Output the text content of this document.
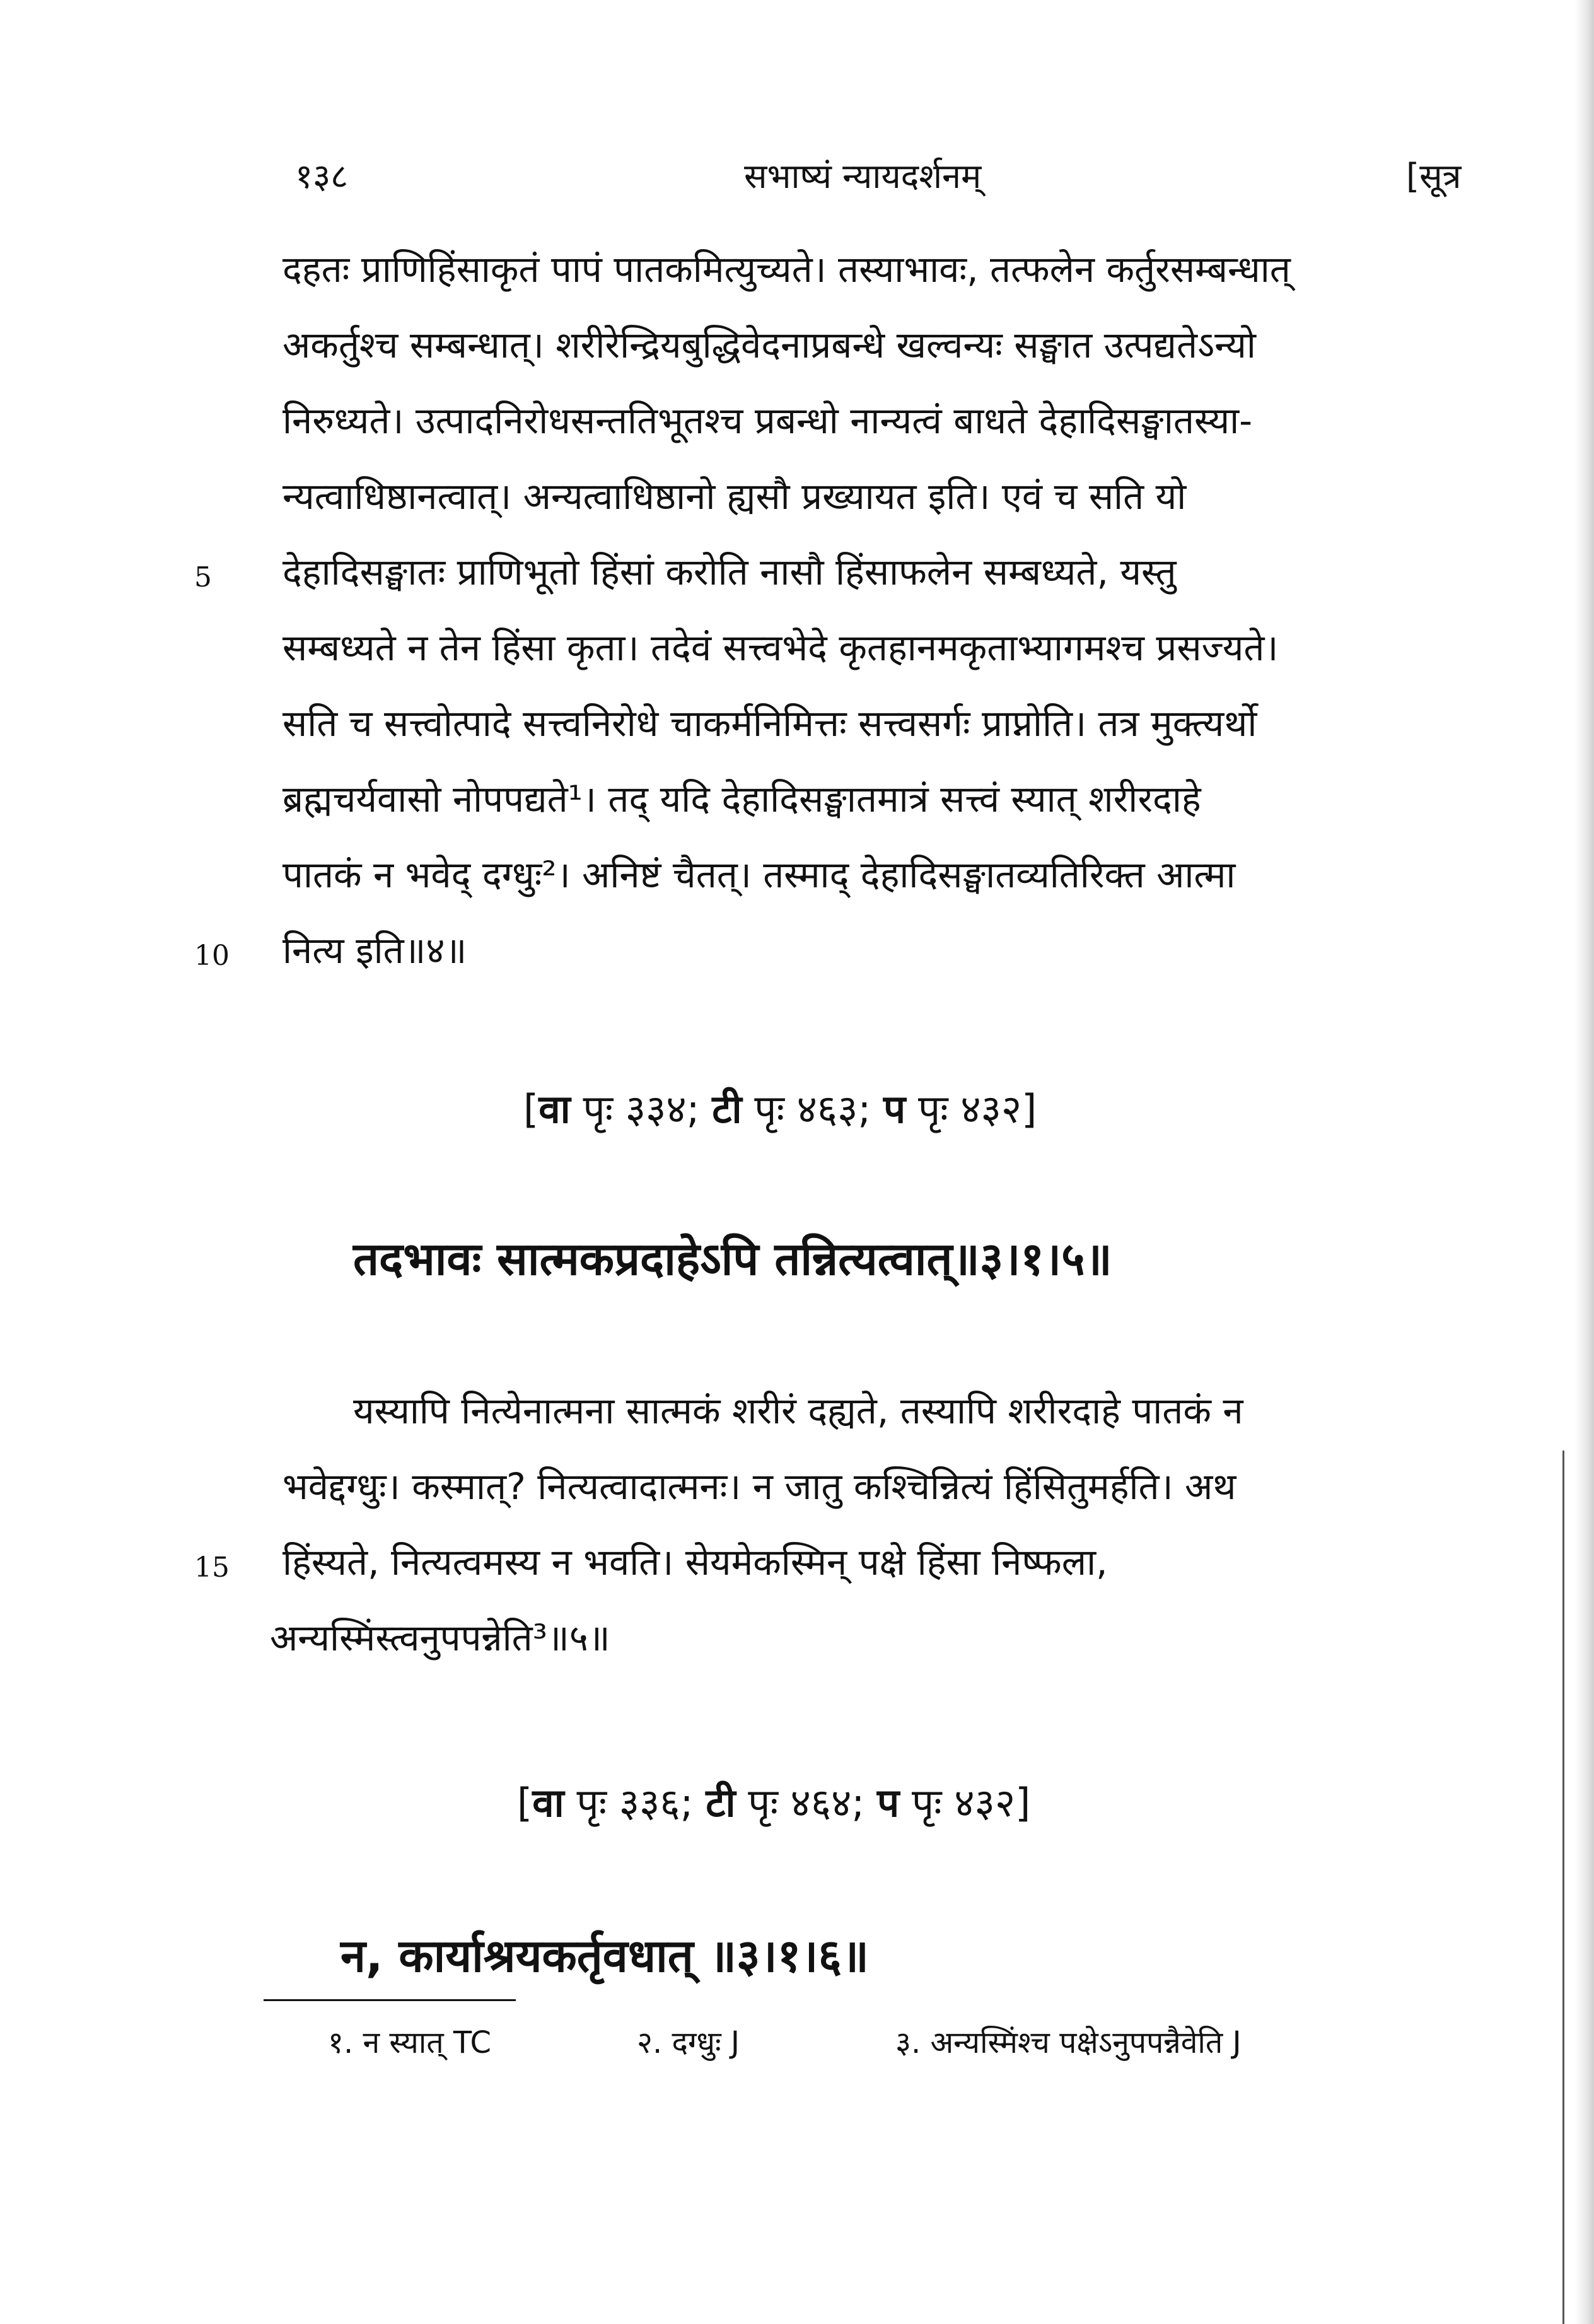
१३८	सभाष्यं न्यायदर्शनम्	[सूत्र
दहतः प्राणिहिंसाकृतं पापं पातकमित्युच्यते। तस्याभावः, तत्फलेन कर्तुरसम्बन्धात्
अकर्तुश्च सम्बन्धात्। शरीरेन्द्रियबुद्धिवेदनाप्रबन्धे खल्वन्यः सङ्घात उत्पद्यतेऽन्यो
निरुध्यते। उत्पादनिरोधसन्ततिभूतश्च प्रबन्धो नान्यत्वं बाधते देहादिसङ्घातस्या-
न्यत्वाधिष्ठानत्वात्। अन्यत्वाधिष्ठानो ह्यसौ प्रख्यायत इति। एवं च सति यो
देहादिसङ्घातः प्राणिभूतो हिंसां करोति नासौ हिंसाफलेन सम्बध्यते, यस्तु
सम्बध्यते न तेन हिंसा कृता। तदेवं सत्त्वभेदे कृतहानमकृताभ्यागमश्च प्रसज्यते।
सति च सत्त्वोत्पादे सत्त्वनिरोधे चाकर्मनिमित्तः सत्त्वसर्गः प्राप्नोति। तत्र मुक्त्यर्थो
ब्रह्मचर्यवासो नोपपद्यते¹। तद् यदि देहादिसङ्घातमात्रं सत्त्वं स्यात् शरीरदाहे
पातकं न भवेद् दग्धुः²। अनिष्टं चैतत्। तस्माद् देहादिसङ्घातव्यतिरिक्त आत्मा
नित्य इति॥४॥
5
10
15
[वा पृः ३३४; टी पृः ४६३; प पृः ४३२]
तदभावः सात्मकप्रदाहेऽपि तन्नित्यत्वात्॥३।१।५॥
यस्यापि नित्येनात्मना सात्मकं शरीरं दह्यते, तस्यापि शरीरदाहे पातकं न
भवेद्दग्धुः। कस्मात्? नित्यत्वादात्मनः। न जातु कश्चिन्नित्यं हिंसितुमर्हति। अथ
हिंस्यते, नित्यत्वमस्य न भवति। सेयमेकस्मिन् पक्षे हिंसा निष्फला,
अन्यस्मिंस्त्वनुपपन्नेति³॥५॥
[वा पृः ३३६; टी पृः ४६४; प पृः ४३२]
न, कार्याश्रयकर्तृवधात् ॥३।१।६॥
१. न स्यात् TC	२. दग्धुः J	३. अन्यस्मिंश्च पक्षेऽनुपपन्नैवेति J
